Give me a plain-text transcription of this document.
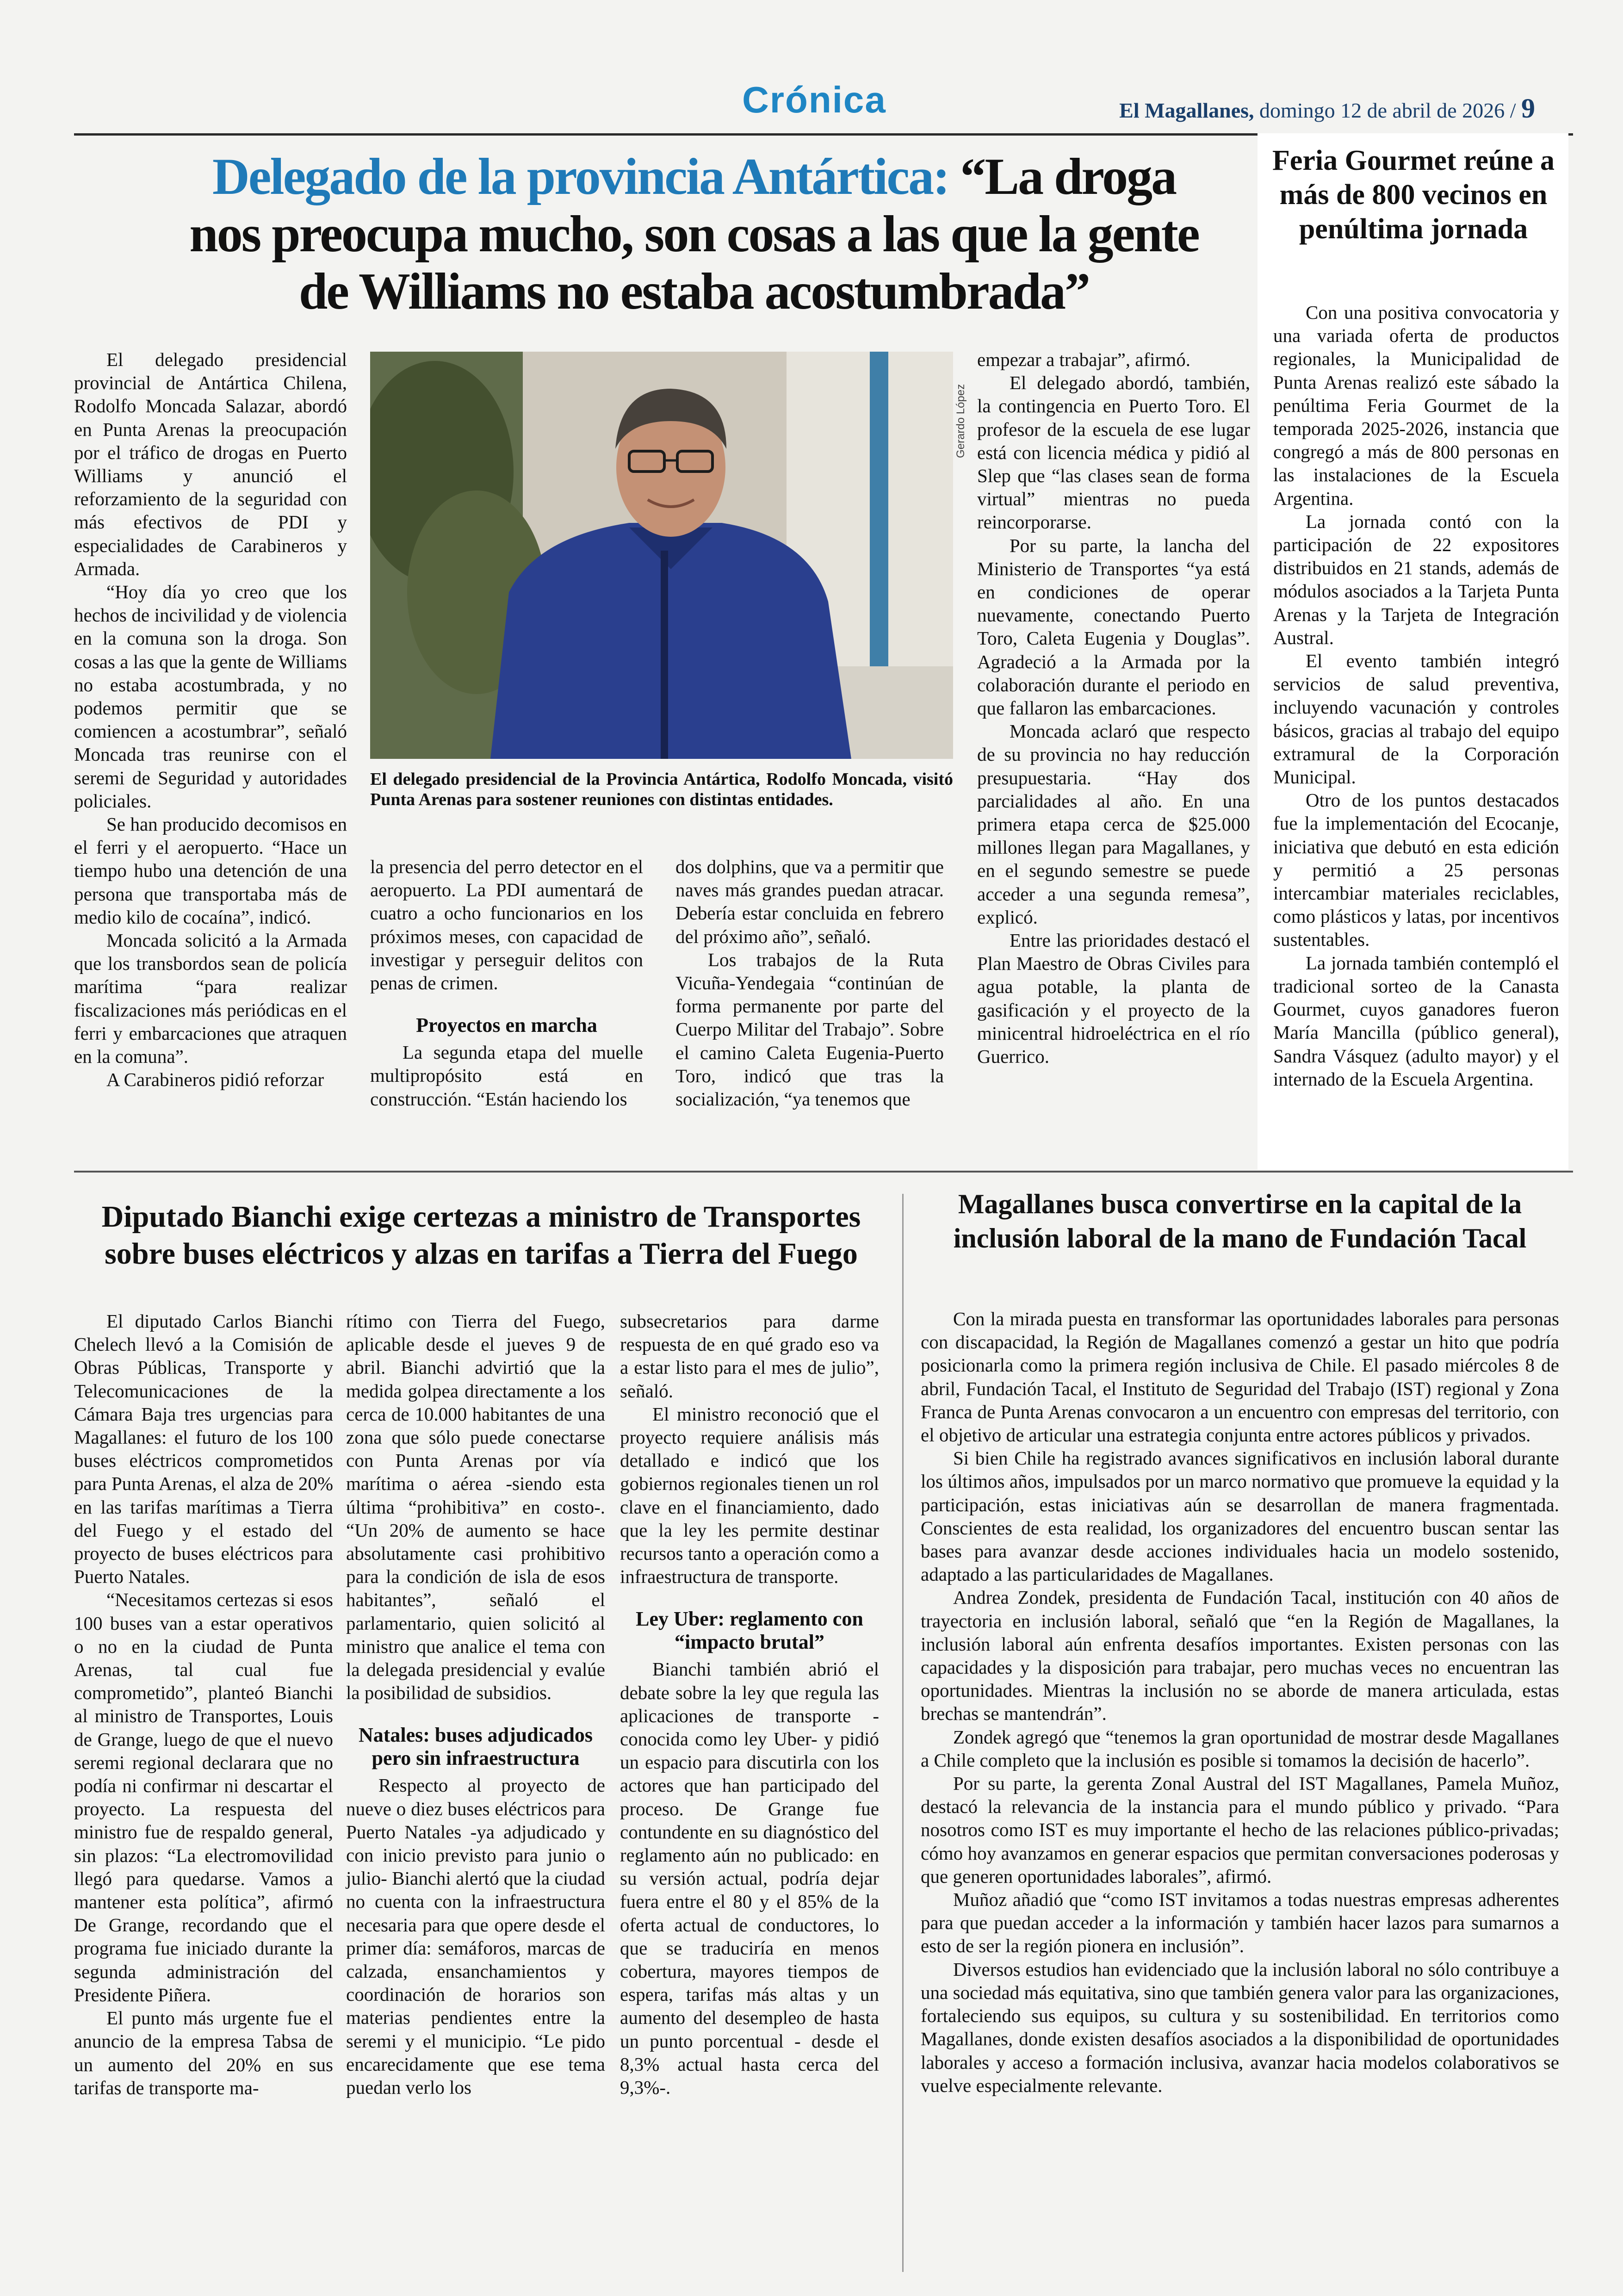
Crónica	El Magallanes, domingo 12 de abril de 2026 / 9
Delegado de la provincia Antártica: “La droga nos preocupa mucho, son cosas a las que la gente de Williams no estaba acostumbrada”

El delegado presidencial provincial de Antártica Chilena, Rodolfo Moncada Salazar, abordó en Punta Arenas la preocupación por el tráfico de drogas en Puerto Williams y anunció el reforzamiento de la seguridad con más efectivos de PDI y especialidades de Carabineros y Armada.

“Hoy día yo creo que los hechos de incivilidad y de violencia en la comuna son la droga. Son cosas a las que la gente de Williams no estaba acostumbrada, y no podemos permitir que se comiencen a acostumbrar”, señaló Moncada tras reunirse con el seremi de Seguridad y autoridades policiales.

Se han producido decomisos en el ferri y el aeropuerto. “Hace un tiempo hubo una detención de una persona que transportaba más de medio kilo de cocaína”, indicó.

Moncada solicitó a la Armada que los transbordos sean de policía marítima “para realizar fiscalizaciones más periódicas en el ferri y embarcaciones que atraquen en la comuna”.

A Carabineros pidió reforzar

Gerardo López
El delegado presidencial de la Provincia Antártica, Rodolfo Moncada, visitó Punta Arenas para sostener reuniones con distintas entidades.

la presencia del perro detector en el aeropuerto. La PDI aumentará de cuatro a ocho funcionarios en los próximos meses, con capacidad de investigar y perseguir delitos con penas de crimen.

Proyectos en marcha

La segunda etapa del muelle multipropósito está en construcción. “Están haciendo los

dos dolphins, que va a permitir que naves más grandes puedan atracar. Debería estar concluida en febrero del próximo año”, señaló.

Los trabajos de la Ruta Vicuña-Yendegaia “continúan de forma permanente por parte del Cuerpo Militar del Trabajo”. Sobre el camino Caleta Eugenia-Puerto Toro, indicó que tras la socialización, “ya tenemos que

empezar a trabajar”, afirmó.

El delegado abordó, también, la contingencia en Puerto Toro. El profesor de la escuela de ese lugar está con licencia médica y pidió al Slep que “las clases sean de forma virtual” mientras no pueda reincorporarse.

Por su parte, la lancha del Ministerio de Transportes “ya está en condiciones de operar nuevamente, conectando Puerto Toro, Caleta Eugenia y Douglas”. Agradeció a la Armada por la colaboración durante el periodo en que fallaron las embarcaciones.

Moncada aclaró que respecto de su provincia no hay reducción presupuestaria. “Hay dos parcialidades al año. En una primera etapa cerca de $25.000 millones llegan para Magallanes, y en el segundo semestre se puede acceder a una segunda remesa”, explicó.

Entre las prioridades destacó el Plan Maestro de Obras Civiles para agua potable, la planta de gasificación y el proyecto de la minicentral hidroeléctrica en el río Guerrico.

Feria Gourmet reúne a más de 800 vecinos en penúltima jornada

Con una positiva convocatoria y una variada oferta de productos regionales, la Municipalidad de Punta Arenas realizó este sábado la penúltima Feria Gourmet de la temporada 2025-2026, instancia que congregó a más de 800 personas en las instalaciones de la Escuela Argentina.

La jornada contó con la participación de 22 expositores distribuidos en 21 stands, además de módulos asociados a la Tarjeta Punta Arenas y la Tarjeta de Integración Austral.

El evento también integró servicios de salud preventiva, incluyendo vacunación y controles básicos, gracias al trabajo del equipo extramural de la Corporación Municipal.

Otro de los puntos destacados fue la implementación del Ecocanje, iniciativa que debutó en esta edición y permitió a 25 personas intercambiar materiales reciclables, como plásticos y latas, por incentivos sustentables.

La jornada también contempló el tradicional sorteo de la Canasta Gourmet, cuyos ganadores fueron María Mancilla (público general), Sandra Vásquez (adulto mayor) y el internado de la Escuela Argentina.

Diputado Bianchi exige certezas a ministro de Transportes sobre buses eléctricos y alzas en tarifas a Tierra del Fuego

El diputado Carlos Bianchi Chelech llevó a la Comisión de Obras Públicas, Transporte y Telecomunicaciones de la Cámara Baja tres urgencias para Magallanes: el futuro de los 100 buses eléctricos comprometidos para Punta Arenas, el alza de 20% en las tarifas marítimas a Tierra del Fuego y el estado del proyecto de buses eléctricos para Puerto Natales.

“Necesitamos certezas si esos 100 buses van a estar operativos o no en la ciudad de Punta Arenas, tal cual fue comprometido”, planteó Bianchi al ministro de Transportes, Louis de Grange, luego de que el nuevo seremi regional declarara que no podía ni confirmar ni descartar el proyecto. La respuesta del ministro fue de respaldo general, sin plazos: “La electromovilidad llegó para quedarse. Vamos a mantener esta política”, afirmó De Grange, recordando que el programa fue iniciado durante la segunda administración del Presidente Piñera.

El punto más urgente fue el anuncio de la empresa Tabsa de un aumento del 20% en sus tarifas de transporte ma-

rítimo con Tierra del Fuego, aplicable desde el jueves 9 de abril. Bianchi advirtió que la medida golpea directamente a los cerca de 10.000 habitantes de una zona que sólo puede conectarse con Punta Arenas por vía marítima o aérea -siendo esta última “prohibitiva” en costo-. “Un 20% de aumento se hace absolutamente casi prohibitivo para la condición de isla de esos habitantes”, señaló el parlamentario, quien solicitó al ministro que analice el tema con la delegada presidencial y evalúe la posibilidad de subsidios.

Natales: buses adjudicados pero sin infraestructura

Respecto al proyecto de nueve o diez buses eléctricos para Puerto Natales -ya adjudicado y con inicio previsto para junio o julio- Bianchi alertó que la ciudad no cuenta con la infraestructura necesaria para que opere desde el primer día: semáforos, marcas de calzada, ensanchamientos y coordinación de horarios son materias pendientes entre la seremi y el municipio. “Le pido encarecidamente que ese tema puedan verlo los

subsecretarios para darme respuesta de en qué grado eso va a estar listo para el mes de julio”, señaló.

El ministro reconoció que el proyecto requiere análisis más detallado e indicó que los gobiernos regionales tienen un rol clave en el financiamiento, dado que la ley les permite destinar recursos tanto a operación como a infraestructura de transporte.

Ley Uber: reglamento con “impacto brutal”

Bianchi también abrió el debate sobre la ley que regula las aplicaciones de transporte - conocida como ley Uber- y pidió un espacio para discutirla con los actores que han participado del proceso. De Grange fue contundente en su diagnóstico del reglamento aún no publicado: en su versión actual, podría dejar fuera entre el 80 y el 85% de la oferta actual de conductores, lo que se traduciría en menos cobertura, mayores tiempos de espera, tarifas más altas y un aumento del desempleo de hasta un punto porcentual - desde el 8,3% actual hasta cerca del 9,3%-.

Magallanes busca convertirse en la capital de la inclusión laboral de la mano de Fundación Tacal

Con la mirada puesta en transformar las oportunidades laborales para personas con discapacidad, la Región de Magallanes comenzó a gestar un hito que podría posicionarla como la primera región inclusiva de Chile. El pasado miércoles 8 de abril, Fundación Tacal, el Instituto de Seguridad del Trabajo (IST) regional y Zona Franca de Punta Arenas convocaron a un encuentro con empresas del territorio, con el objetivo de articular una estrategia conjunta entre actores públicos y privados.

Si bien Chile ha registrado avances significativos en inclusión laboral durante los últimos años, impulsados por un marco normativo que promueve la equidad y la participación, estas iniciativas aún se desarrollan de manera fragmentada. Conscientes de esta realidad, los organizadores del encuentro buscan sentar las bases para avanzar desde acciones individuales hacia un modelo sostenido, adaptado a las particularidades de Magallanes.

Andrea Zondek, presidenta de Fundación Tacal, institución con 40 años de trayectoria en inclusión laboral, señaló que “en la Región de Magallanes, la inclusión laboral aún enfrenta desafíos importantes. Existen personas con las capacidades y la disposición para trabajar, pero muchas veces no encuentran las oportunidades. Mientras la inclusión no se aborde de manera articulada, estas brechas se mantendrán”.

Zondek agregó que “tenemos la gran oportunidad de mostrar desde Magallanes a Chile completo que la inclusión es posible si tomamos la decisión de hacerlo”.

Por su parte, la gerenta Zonal Austral del IST Magallanes, Pamela Muñoz, destacó la relevancia de la instancia para el mundo público y privado. “Para nosotros como IST es muy importante el hecho de las relaciones público-privadas; cómo hoy avanzamos en generar espacios que permitan conversaciones poderosas y que generen oportunidades laborales”, afirmó.

Muñoz añadió que “como IST invitamos a todas nuestras empresas adherentes para que puedan acceder a la información y también hacer lazos para sumarnos a esto de ser la región pionera en inclusión”.

Diversos estudios han evidenciado que la inclusión laboral no sólo contribuye a una sociedad más equitativa, sino que también genera valor para las organizaciones, fortaleciendo sus equipos, su cultura y su sostenibilidad. En territorios como Magallanes, donde existen desafíos asociados a la disponibilidad de oportunidades laborales y acceso a formación inclusiva, avanzar hacia modelos colaborativos se vuelve especialmente relevante.
